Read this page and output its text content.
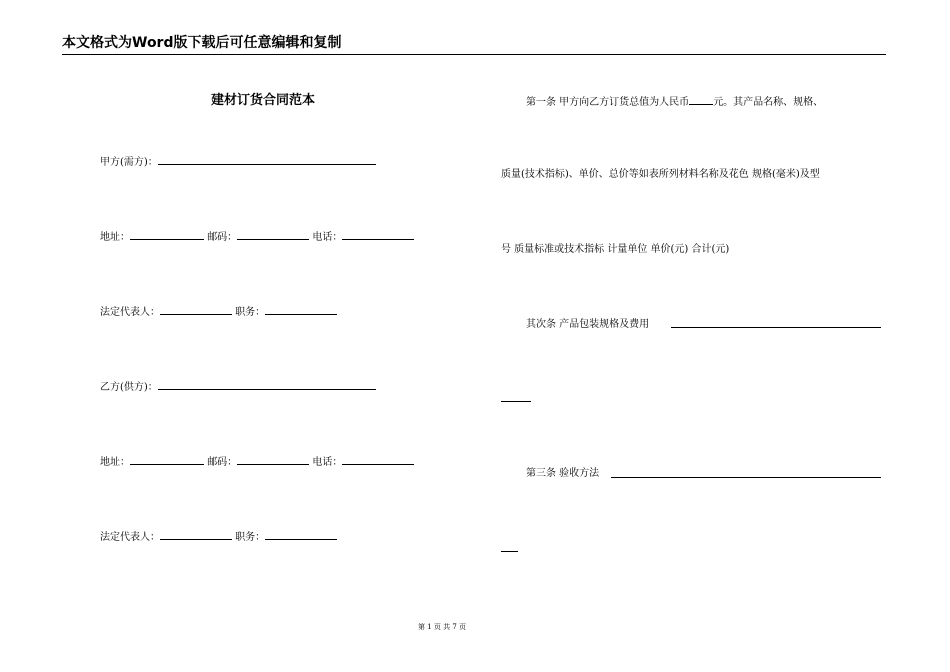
本文格式为Word版下载后可任意编辑和复制
建材订货合同范本
甲方(需方)：
地址：	邮码：	电话：
法定代表人：	职务：
乙方(供方)：
地址：	邮码：	电话：
法定代表人：	职务：
第一条 甲方向乙方订货总值为人民币 元。其产品名称、规格、
质量(技术指标)、单价、总价等如表所列材料名称及花色 规格(毫米)及型
号 质量标准或技术指标 计量单位 单价(元) 合计(元)
其次条 产品包装规格及费用
第三条 验收方法
第 1 页 共 7 页
